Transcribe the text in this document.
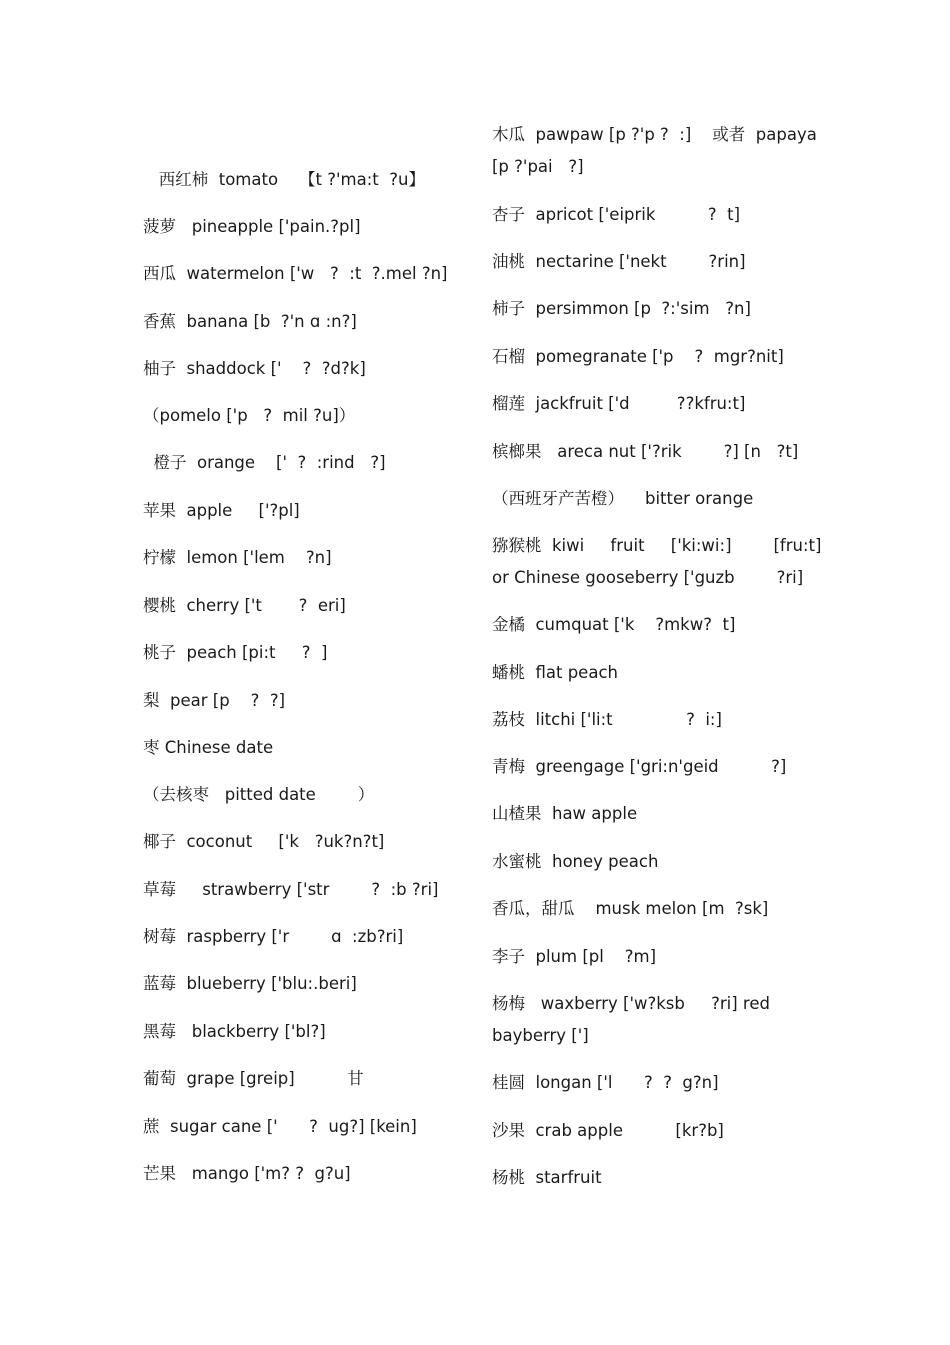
西红柿  tomato    【t ?'ma:t  ?u】
菠萝   pineapple ['pain.?pl]
西瓜  watermelon ['w   ?  :t  ?.mel ?n]
香蕉  banana [b  ?'n ɑ :n?]
柚子  shaddock ['    ?  ?d?k]
（pomelo ['p   ?  mil ?u]）
橙子  orange    ['  ?  :rind   ?]
苹果  apple     ['?pl]
柠檬  lemon ['lem    ?n]
樱桃  cherry ['t       ?  eri]
桃子  peach [pi:t     ?  ]
梨  pear [p    ?  ?]
枣 Chinese date
（去核枣   pitted date        ）
椰子  coconut     ['k   ?uk?n?t]
草莓     strawberry ['str        ?  :b ?ri]
树莓  raspberry ['r        ɑ  :zb?ri]
蓝莓  blueberry ['blu:.beri]
黑莓   blackberry ['bl?]
葡萄  grape [greip]          甘
蔗  sugar cane ['      ?  ug?] [kein]
芒果   mango ['m? ?  g?u]
木瓜  pawpaw [p ?'p ?  :]    或者  papaya
[p ?'pai   ?]
杏子  apricot ['eiprik          ?  t]
油桃  nectarine ['nekt        ?rin]
柿子  persimmon [p  ?:'sim   ?n]
石榴  pomegranate ['p    ?  mgr?nit]
榴莲  jackfruit ['d         ??kfru:t]
槟榔果   areca nut ['?rik        ?] [n   ?t]
（西班牙产苦橙）    bitter orange
猕猴桃  kiwi     fruit     ['ki:wi:]        [fru:t]
or Chinese gooseberry ['guzb        ?ri]
金橘  cumquat ['k    ?mkw?  t]
蟠桃  flat peach
荔枝  litchi ['li:t              ?  i:]
青梅  greengage ['gri:n'geid          ?]
山楂果  haw apple
水蜜桃  honey peach
香瓜，甜瓜    musk melon [m  ?sk]
李子  plum [pl    ?m]
杨梅   waxberry ['w?ksb     ?ri] red
bayberry [']
桂圆  longan ['l      ?  ?  g?n]
沙果  crab apple          [kr?b]
杨桃  starfruit
